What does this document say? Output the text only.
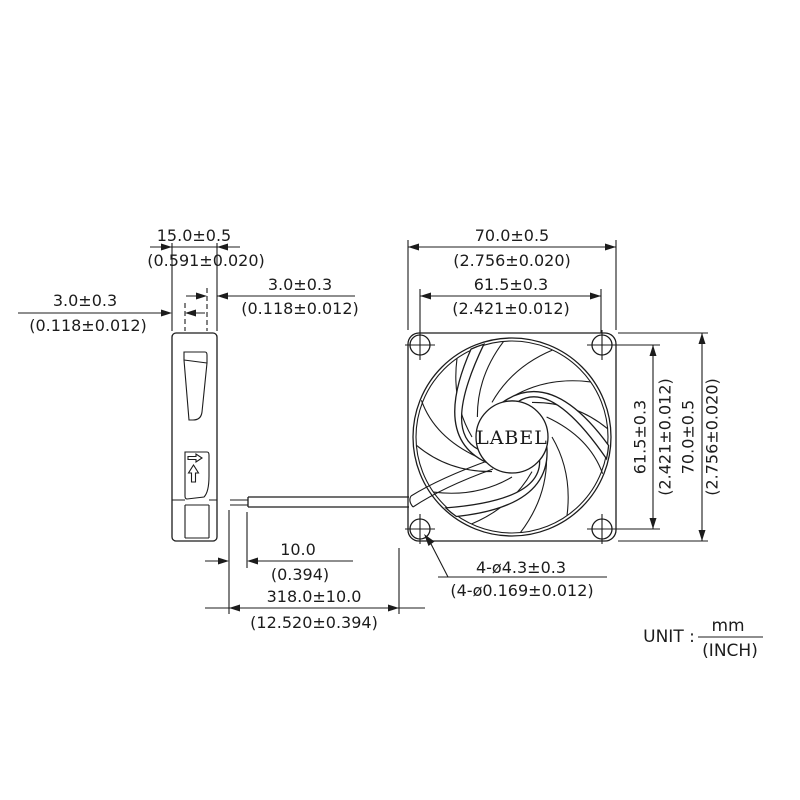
LABEL
15.0±0.5
(0.591±0.020)
3.0±0.3
(0.118±0.012)
3.0±0.3
(0.118±0.012)
70.0±0.5
(2.756±0.020)
61.5±0.3
(2.421±0.012)
61.5±0.3 (2.421±0.012) 70.0±0.5 (2.756±0.020)
10.0
(0.394)
318.0±10.0
(12.520±0.394)
4-ø4.3±0.3
(4-ø0.169±0.012)
UNIT :
mm
(INCH)
